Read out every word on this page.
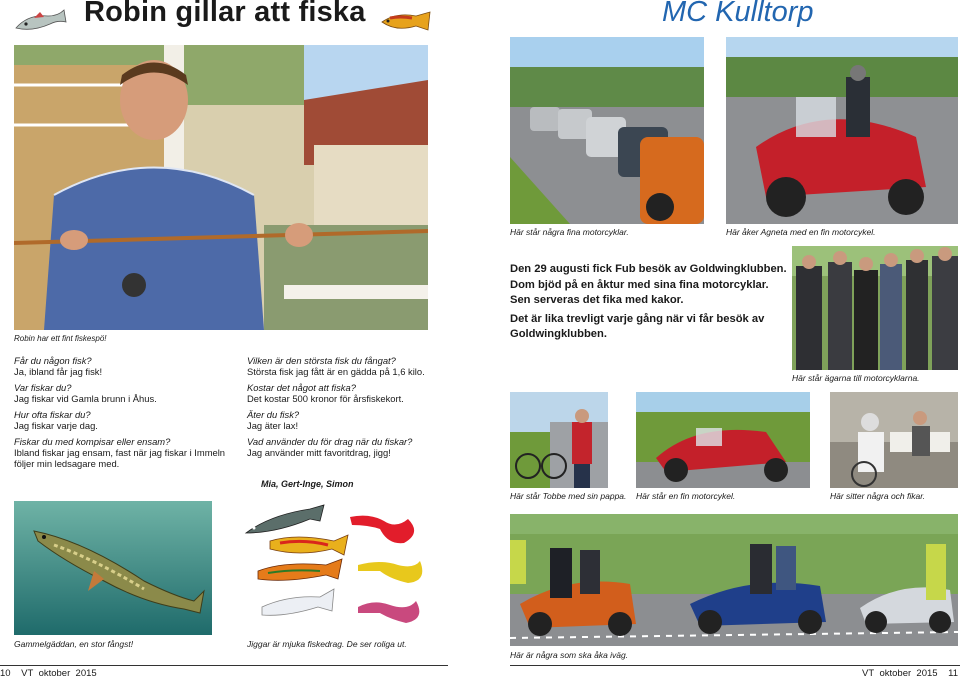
Robin gillar att fiska
Robin har ett fint fiskespö!
Får du någon fisk?
Ja, ibland får jag fisk!
Var fiskar du?
Jag fiskar vid Gamla brunn i Åhus.
Hur ofta fiskar du?
Jag fiskar varje dag.
Fiskar du med kompisar eller ensam?
Ibland fiskar jag ensam, fast när jag fiskar i Immeln följer min ledsagare med.
Vilken är den största fisk du fångat?
Största fisk jag fått är en gädda på 1,6 kilo.
Kostar det något att fiska?
Det kostar 500 kronor för årsfiskekort.
Äter du fisk?
Jag äter lax!
Vad använder du för drag när du fiskar?
Jag använder mitt favoritdrag, jigg!
Mia, Gert-Inge, Simon
Gammelgäddan, en stor fångst!	Jiggar är mjuka fiskedrag. De ser roliga ut.
10 VT oktober 2015
MC Kulltorp
Här står några fina motorcyklar.	Här åker Agneta med en fin motorcykel.

Den 29 augusti fick Fub besök av Goldwingklubben.

Dom bjöd på en åktur med sina fina motorcyklar.

Sen serveras det fika med kakor.

Det är lika trevligt varje gång när vi får besök av Goldwingklubben.

Här står ägarna till motorcyklarna.
Här står Tobbe med sin pappa. Här står en fin motorcykel.	Här sitter några och fikar.
Här är några som ska åka iväg.
VT oktober 2015 11
